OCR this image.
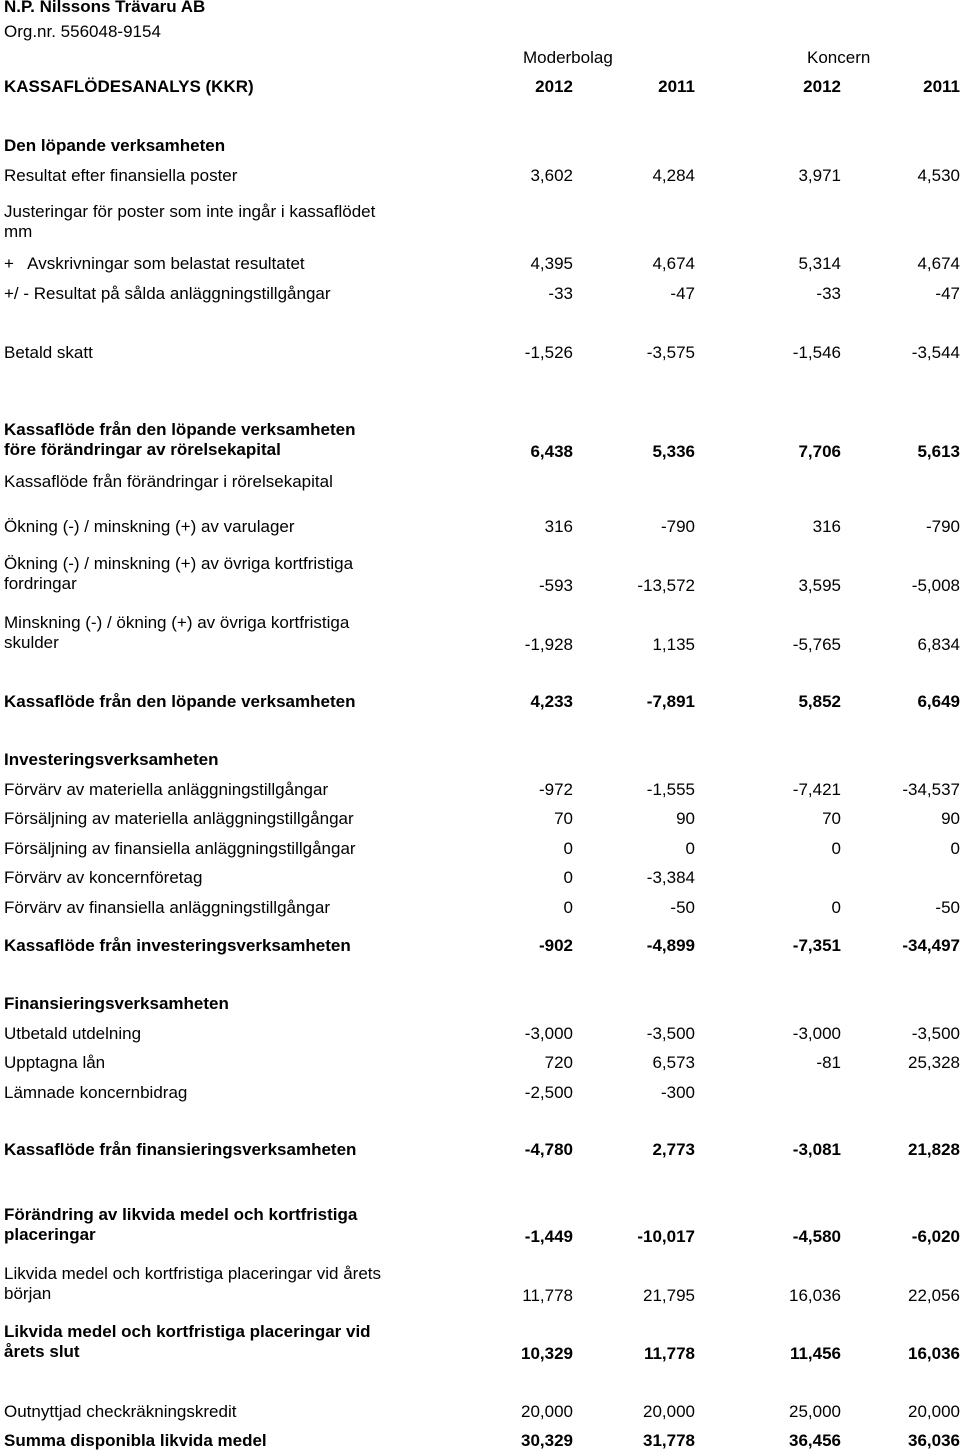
N.P. Nilssons Trävaru AB
Org.nr. 556048-9154
Moderbolag	Koncern
KASSAFLÖDESANALYS (KKR)	2012	2011	2012	2011
Den löpande verksamheten
Resultat efter finansiella poster	3,602	4,284	3,971	4,530
Justeringar för poster som inte ingår i kassaflödet
mm
+   Avskrivningar som belastat resultatet	4,395	4,674	5,314	4,674
+/ - Resultat på sålda anläggningstillgångar	-33	-47	-33	-47
Betald skatt	-1,526	-3,575	-1,546	-3,544
Kassaflöde från den löpande verksamheten
före förändringar av rörelsekapital	6,438	5,336	7,706	5,613
Kassaflöde från förändringar i rörelsekapital
Ökning (-) / minskning (+) av varulager	316	-790	316	-790
Ökning (-) / minskning (+) av övriga kortfristiga
fordringar	-593	-13,572	3,595	-5,008
Minskning (-) / ökning (+) av övriga kortfristiga
skulder	-1,928	1,135	-5,765	6,834
Kassaflöde från den löpande verksamheten	4,233	-7,891	5,852	6,649
Investeringsverksamheten
Förvärv av materiella anläggningstillgångar	-972	-1,555	-7,421	-34,537
Försäljning av materiella anläggningstillgångar	70	90	70	90
Försäljning av finansiella anläggningstillgångar	0	0	0	0
Förvärv av koncernföretag	0	-3,384
Förvärv av finansiella anläggningstillgångar	0	-50	0	-50
Kassaflöde från investeringsverksamheten	-902	-4,899	-7,351	-34,497
Finansieringsverksamheten
Utbetald utdelning	-3,000	-3,500	-3,000	-3,500
Upptagna lån	720	6,573	-81	25,328
Lämnade koncernbidrag	-2,500	-300
Kassaflöde från finansieringsverksamheten	-4,780	2,773	-3,081	21,828
Förändring av likvida medel och kortfristiga
placeringar	-1,449	-10,017	-4,580	-6,020
Likvida medel och kortfristiga placeringar vid årets
början	11,778	21,795	16,036	22,056
Likvida medel och kortfristiga placeringar vid
årets slut	10,329	11,778	11,456	16,036
Outnyttjad checkräkningskredit	20,000	20,000	25,000	20,000
Summa disponibla likvida medel	30,329	31,778	36,456	36,036
